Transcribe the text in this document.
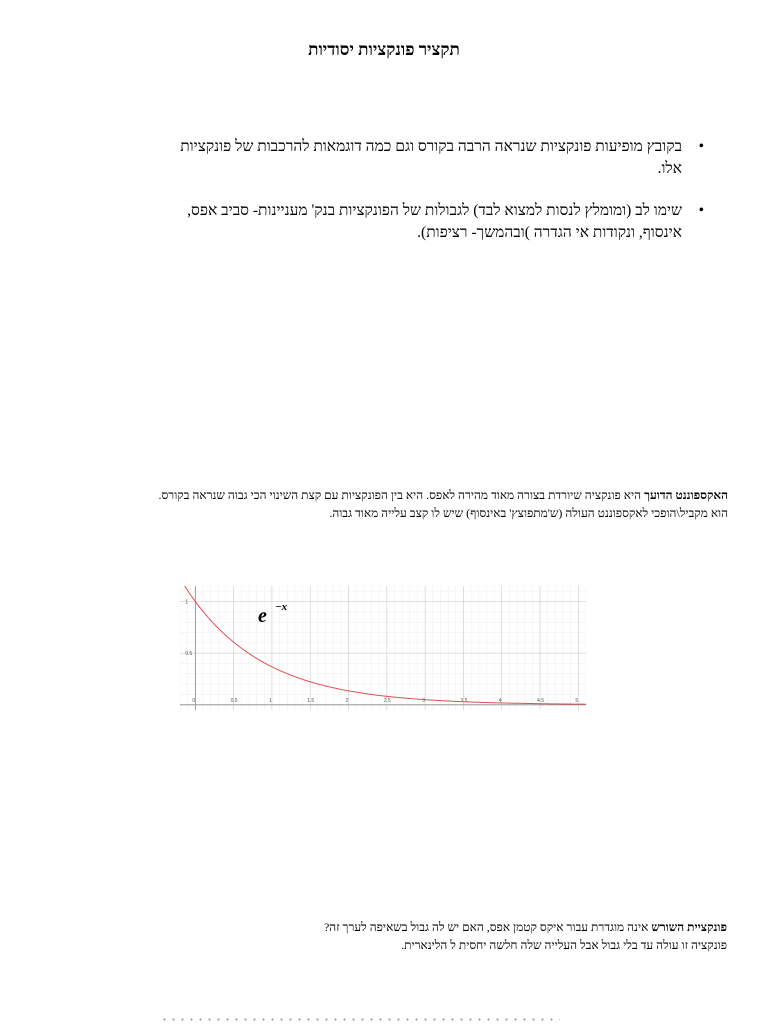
תקציר פונקציות יסודיות
•
בקובץ מופיעות פונקציות שנראה הרבה בקורס וגם כמה דוגמאות להרכבות של פונקציות אלו.
•
שימו לב (ומומלץ לנסות למצוא לבד) לגבולות של הפונקציות בנק' מעניינות- סביב אפס, אינסוף, ונקודות אי הגדרה )ובהמשך- רציפות).
האקספוננט הדועך היא פונקציה שיורדת בצורה מאוד מהירה לאפס. היא בין הפונקציות עם קצת השינוי הכי גבוה שנראה בקורס.
הוא מקביל\הופכי לאקספוננט העולה (ש'מתפוצץ' באינסוף) שיש לו קצב עלייה מאוד גבוה.
0	0.5	1	1.5	2	2.5	3	3.5	4	4.5	5
0.5
1
e −x
פונקציית השורש אינה מוגדרת עבור איקס קטמן אפס, האם יש לה גבול בשאיפה לערך זה?
פונקציה זו עולה עד בלי גבול אבל העלייה שלה חלשה יחסית ל הלינארית.
